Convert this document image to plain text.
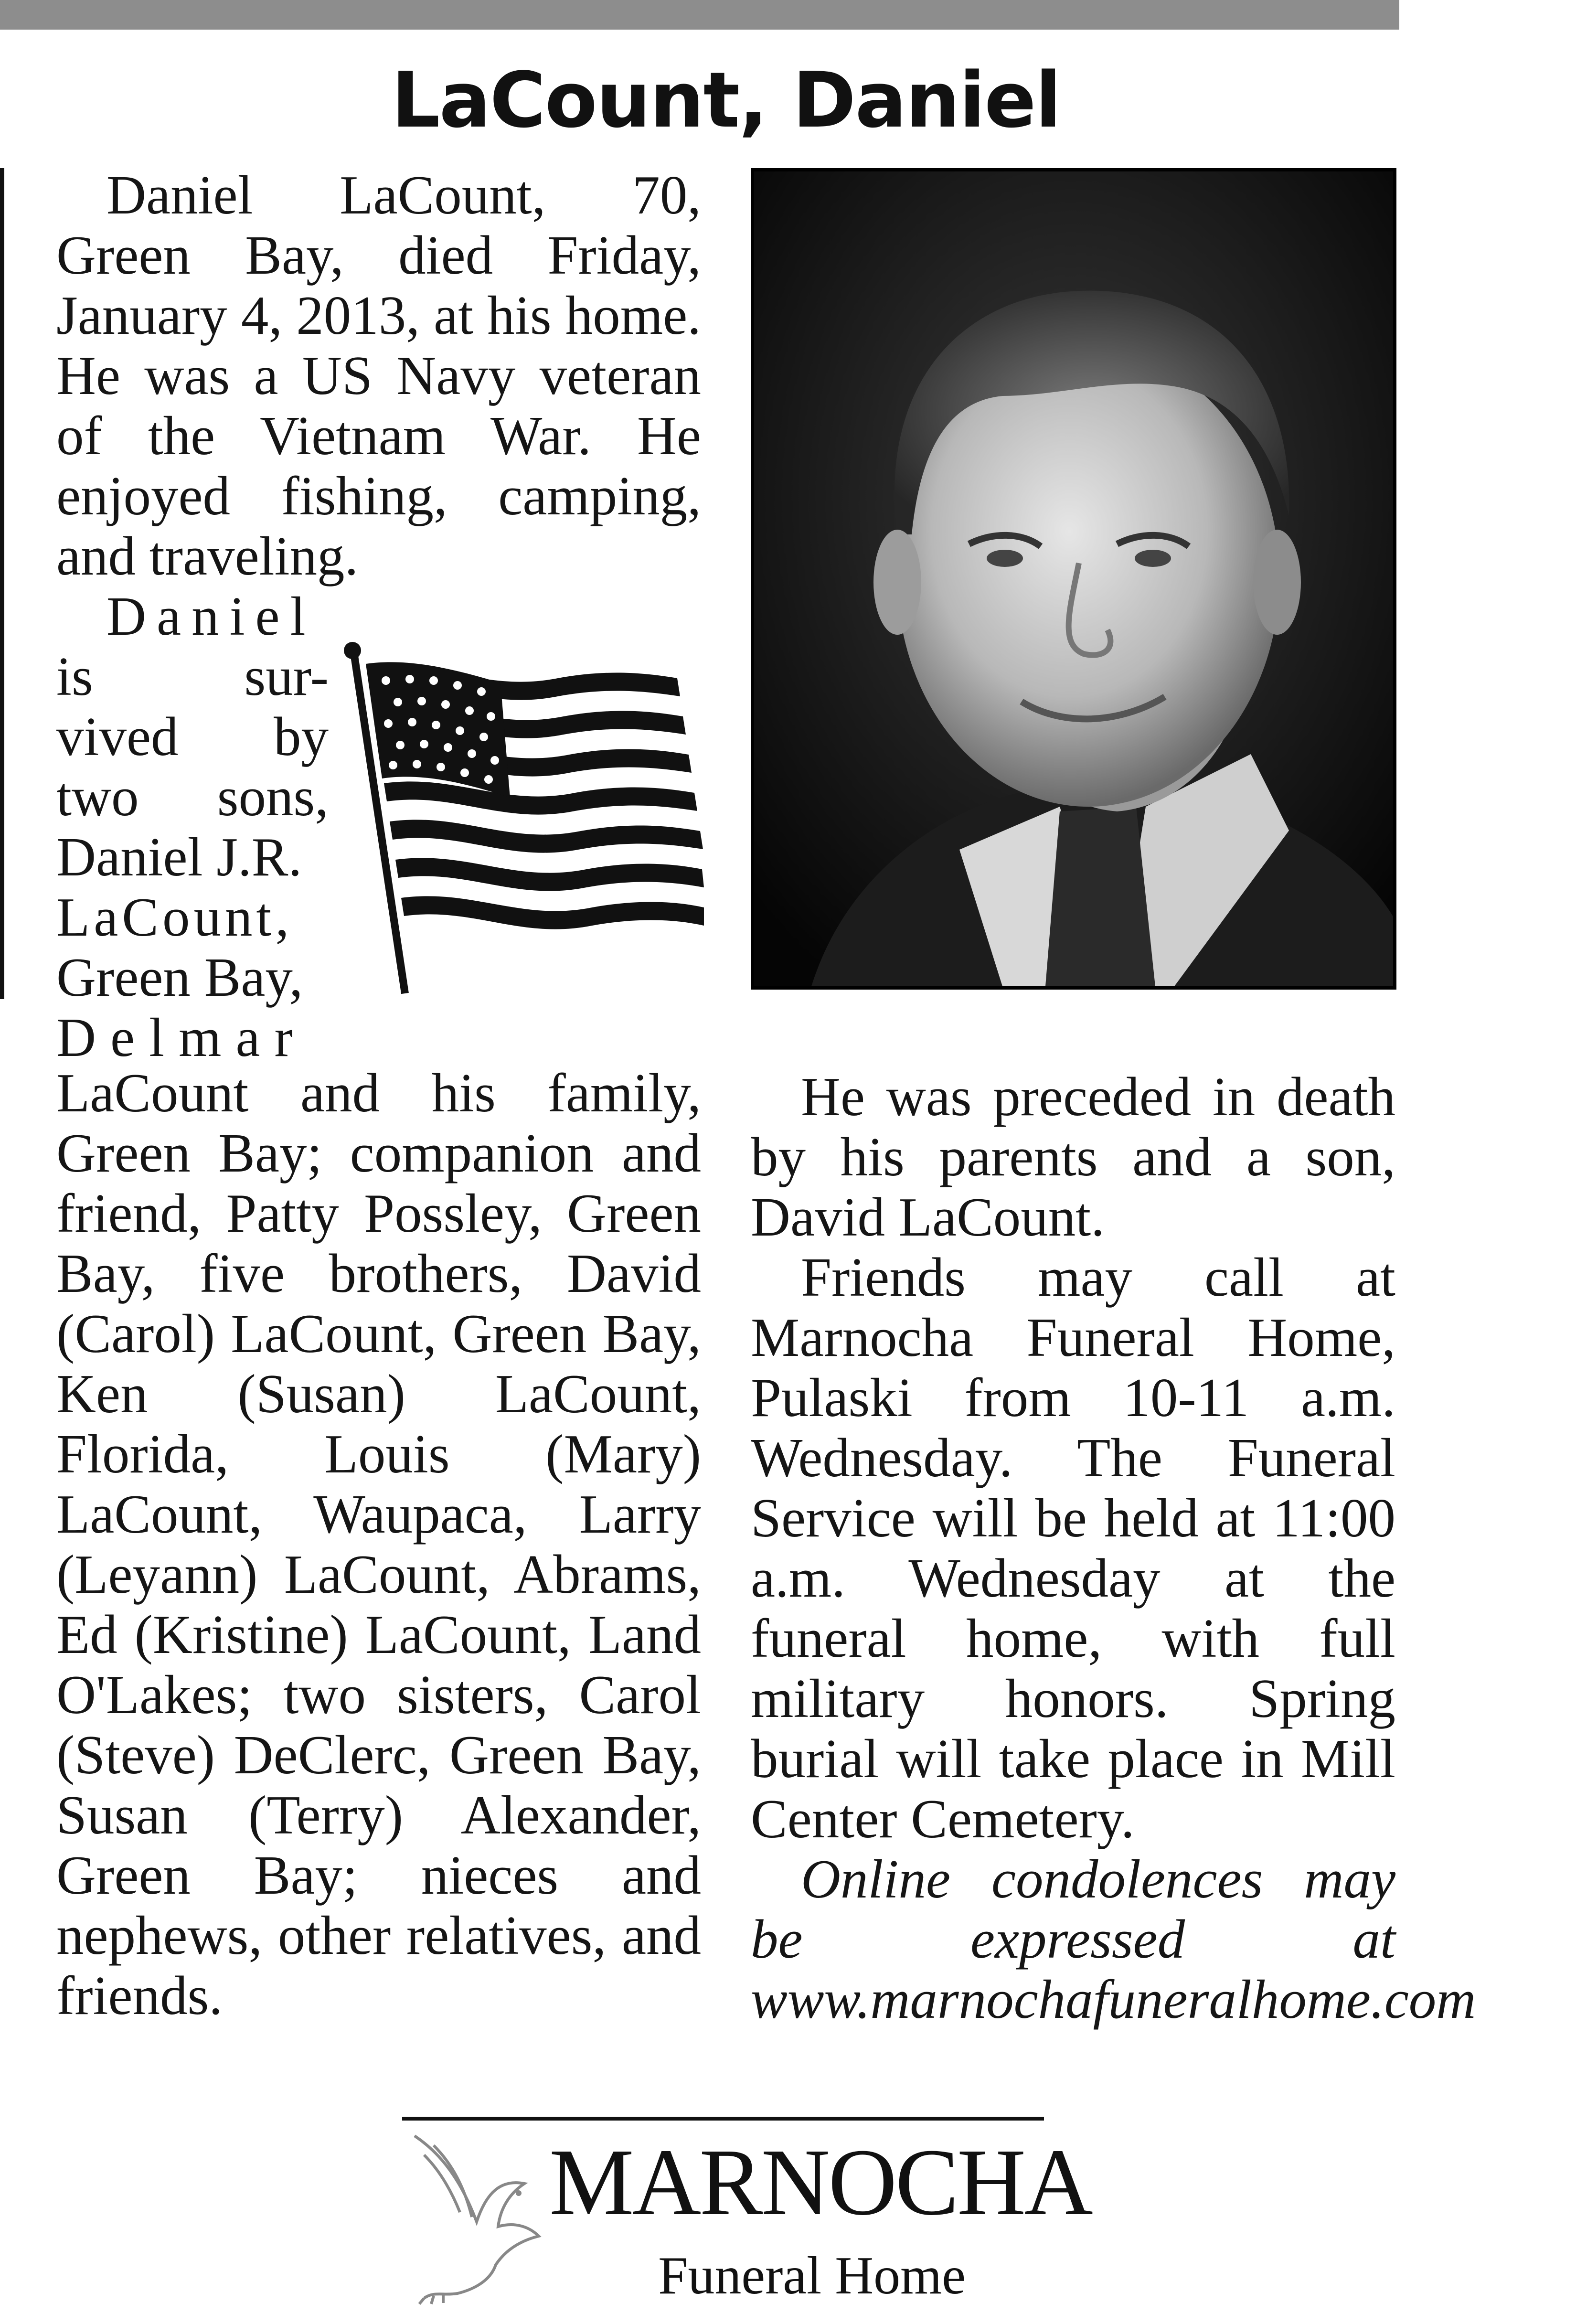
LaCount, Daniel

Daniel LaCount, 70, Green Bay, died Friday, January 4, 2013, at his home. He was a US Navy veteran of the Vietnam War. He enjoyed fishing, camping, and traveling.

Daniel
is sur-
vived by
two sons,
Daniel J.R.
LaCount,
Green Bay,
Delmar

LaCount and his family, Green Bay; companion and friend, Patty Possley, Green Bay, five brothers, David (Carol) LaCount, Green Bay, Ken (Susan) LaCount, Florida, Louis (Mary) LaCount, Waupaca, Larry (Leyann) LaCount, Abrams, Ed (Kristine) LaCount, Land O'Lakes; two sisters, Carol (Steve) DeClerc, Green Bay, Susan (Terry) Alexander, Green Bay; nieces and nephews, other relatives, and friends.

He was preceded in death by his parents and a son, David LaCount.

Friends may call at Marnocha Funeral Home, Pulaski from 10-11 a.m. Wednesday. The Funeral Service will be held at 11:00 a.m. Wednesday at the funeral home, with full military honors. Spring burial will take place in Mill Center Cemetery.

Online condolences may be expressed at www.marnochafuneralhome.com

MARNOCHA
Funeral Home
